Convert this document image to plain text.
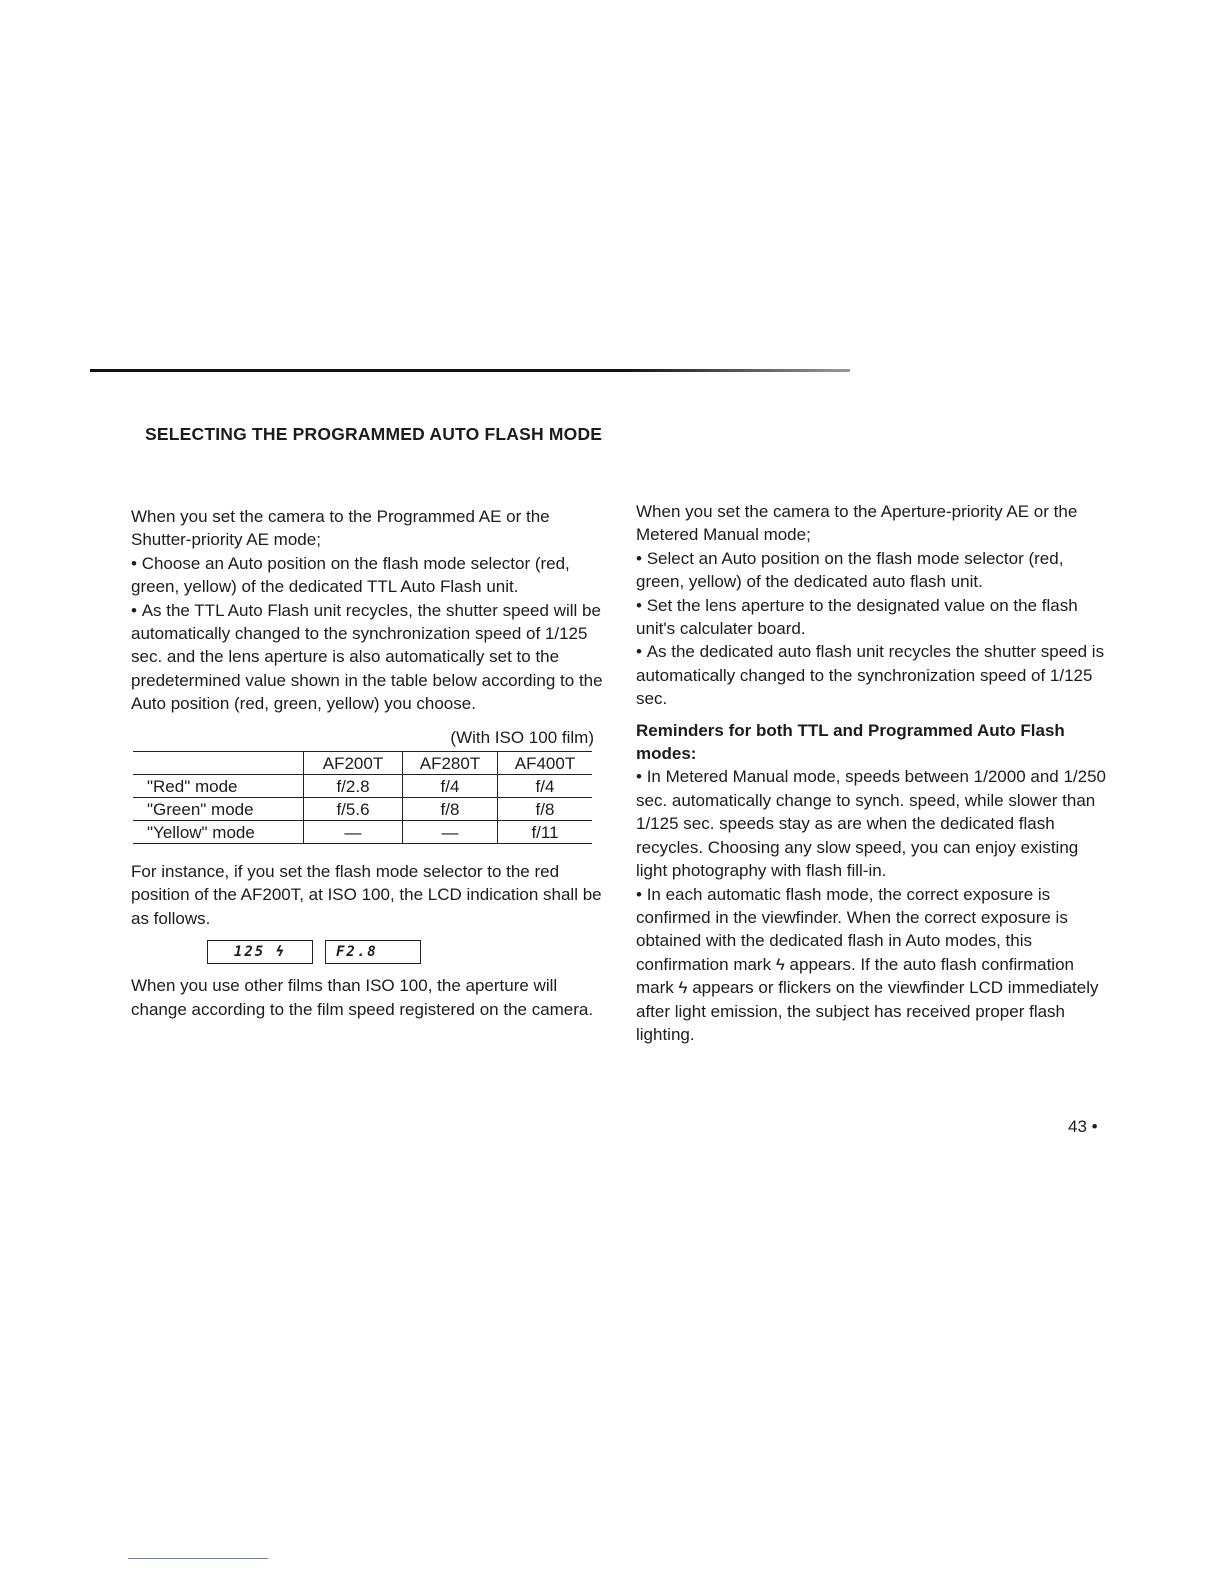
SELECTING THE PROGRAMMED AUTO FLASH MODE

When you set the camera to the Programmed AE or the Shutter-priority AE mode;

• Choose an Auto position on the flash mode selector (red, green, yellow) of the dedicated TTL Auto Flash unit.

• As the TTL Auto Flash unit recycles, the shutter speed will be automatically changed to the synchronization speed of 1/125 sec. and the lens aperture is also automatically set to the predetermined value shown in the table below according to the Auto position (red, green, yellow) you choose.

(With ISO 100 film)

	AF200T	AF280T	AF400T
"Red" mode	f/2.8	f/4	f/4
"Green" mode	f/5.6	f/8	f/8
"Yellow" mode	—	—	f/11

For instance, if you set the flash mode selector to the red position of the AF200T, at ISO 100, the LCD indication shall be as follows.

125 ϟ	F2.8

When you use other films than ISO 100, the aperture will change according to the film speed registered on the camera.

When you set the camera to the Aperture-priority AE or the Metered Manual mode;

• Select an Auto position on the flash mode selector (red, green, yellow) of the dedicated auto flash unit.

• Set the lens aperture to the designated value on the flash unit's calculater board.

• As the dedicated auto flash unit recycles the shutter speed is automatically changed to the synchronization speed of 1/125 sec.

Reminders for both TTL and Programmed Auto Flash modes:

• In Metered Manual mode, speeds between 1/2000 and 1/250 sec. automatically change to synch. speed, while slower than 1/125 sec. speeds stay as are when the dedicated flash recycles. Choosing any slow speed, you can enjoy existing light photography with flash fill-in.

• In each automatic flash mode, the correct exposure is confirmed in the viewfinder. When the correct exposure is obtained with the dedicated flash in Auto modes, this confirmation mark ϟ appears. If the auto flash confirmation mark ϟ appears or flickers on the viewfinder LCD immediately after light emission, the subject has received proper flash lighting.

43 •
